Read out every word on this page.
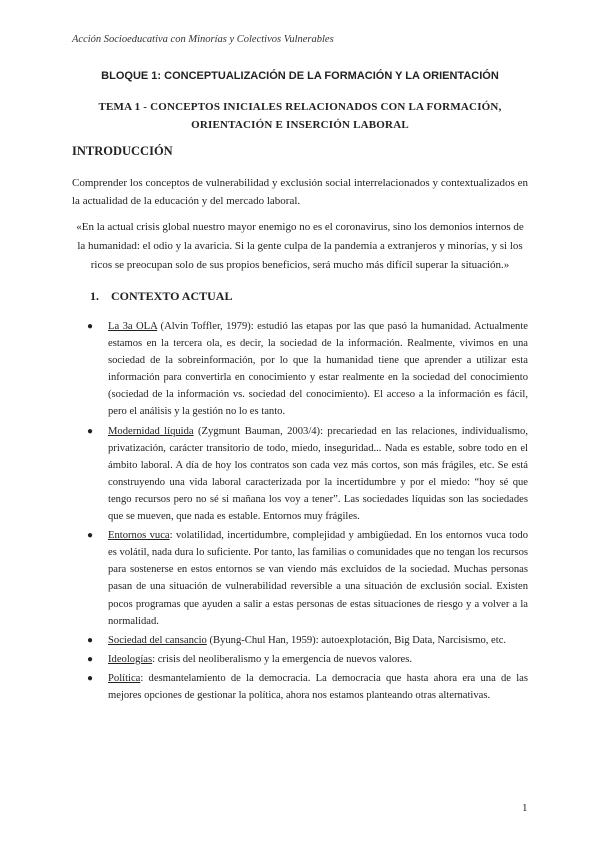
Acción Socioeducativa con Minorías y Colectivos Vulnerables
BLOQUE 1: CONCEPTUALIZACIÓN DE LA FORMACIÓN Y LA ORIENTACIÓN
TEMA 1 - CONCEPTOS INICIALES RELACIONADOS CON LA FORMACIÓN, ORIENTACIÓN E INSERCIÓN LABORAL
INTRODUCCIÓN

Comprender los conceptos de vulnerabilidad y exclusión social interrelacionados y contextualizados en la actualidad de la educación y del mercado laboral.

«En la actual crisis global nuestro mayor enemigo no es el coronavirus, sino los demonios internos de la humanidad: el odio y la avaricia. Si la gente culpa de la pandemia a extranjeros y minorías, y si los ricos se preocupan solo de sus propios beneficios, será mucho más difícil superar la situación.»

1. CONTEXTO ACTUAL
● La 3a OLA (Alvin Toffler, 1979): estudió las etapas por las que pasó la humanidad. Actualmente estamos en la tercera ola, es decir, la sociedad de la información. Realmente, vivimos en una sociedad de la sobreinformación, por lo que la humanidad tiene que aprender a utilizar esta información para convertirla en conocimiento y estar realmente en la sociedad del conocimiento (sociedad de la información vs. sociedad del conocimiento). El acceso a la información es fácil, pero el análisis y la gestión no lo es tanto.
● Modernidad líquida (Zygmunt Bauman, 2003/4): precariedad en las relaciones, individualismo, privatización, carácter transitorio de todo, miedo, inseguridad... Nada es estable, sobre todo en el ámbito laboral. A día de hoy los contratos son cada vez más cortos, son más frágiles, etc. Se está construyendo una vida laboral caracterizada por la incertidumbre y por el miedo: “hoy sé que tengo recursos pero no sé si mañana los voy a tener”. Las sociedades líquidas son las sociedades que se mueven, que nada es estable. Entornos muy frágiles.
● Entornos vuca: volatilidad, incertidumbre, complejidad y ambigüedad. En los entornos vuca todo es volátil, nada dura lo suficiente. Por tanto, las familias o comunidades que no tengan los recursos para sostenerse en estos entornos se van viendo más excluidos de la sociedad. Muchas personas pasan de una situación de vulnerabilidad reversible a una situación de exclusión social. Existen pocos programas que ayuden a salir a estas personas de estas situaciones de riesgo y a volver a la normalidad.
● Sociedad del cansancio (Byung-Chul Han, 1959): autoexplotación, Big Data, Narcisismo, etc.
● Ideologías: crisis del neoliberalismo y la emergencia de nuevos valores.
● Política: desmantelamiento de la democracia. La democracia que hasta ahora era una de las mejores opciones de gestionar la política, ahora nos estamos planteando otras alternativas.
1
